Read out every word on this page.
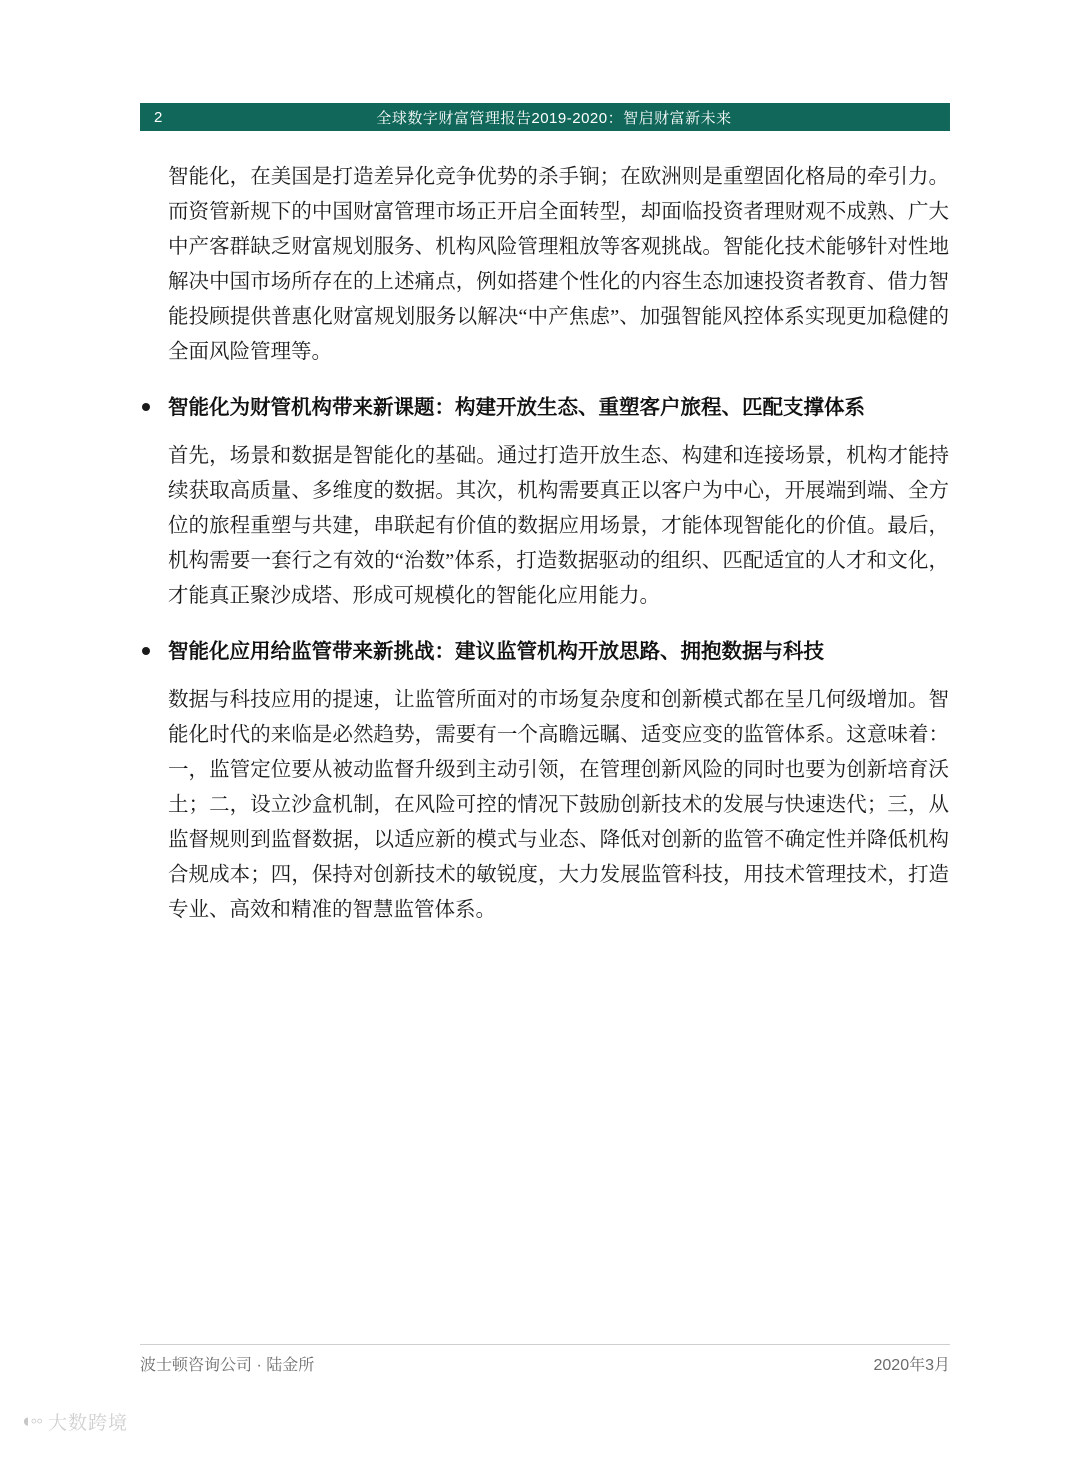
2	全球数字财富管理报告2019-2020：智启财富新未来

智能化，在美国是打造差异化竞争优势的杀手锏；在欧洲则是重塑固化格局的牵引力。而资管新规下的中国财富管理市场正开启全面转型，却面临投资者理财观不成熟、广大中产客群缺乏财富规划服务、机构风险管理粗放等客观挑战。智能化技术能够针对性地解决中国市场所存在的上述痛点，例如搭建个性化的内容生态加速投资者教育、借力智能投顾提供普惠化财富规划服务以解决“中产焦虑”、加强智能风控体系实现更加稳健的全面风险管理等。

智能化为财管机构带来新课题：构建开放生态、重塑客户旅程、匹配支撑体系

首先，场景和数据是智能化的基础。通过打造开放生态、构建和连接场景，机构才能持续获取高质量、多维度的数据。其次，机构需要真正以客户为中心，开展端到端、全方位的旅程重塑与共建，串联起有价值的数据应用场景，才能体现智能化的价值。最后，机构需要一套行之有效的“治数”体系，打造数据驱动的组织、匹配适宜的人才和文化，才能真正聚沙成塔、形成可规模化的智能化应用能力。

智能化应用给监管带来新挑战：建议监管机构开放思路、拥抱数据与科技

数据与科技应用的提速，让监管所面对的市场复杂度和创新模式都在呈几何级增加。智能化时代的来临是必然趋势，需要有一个高瞻远瞩、适变应变的监管体系。这意味着：一，监管定位要从被动监督升级到主动引领，在管理创新风险的同时也要为创新培育沃土；二，设立沙盒机制，在风险可控的情况下鼓励创新技术的发展与快速迭代；三，从监督规则到监督数据，以适应新的模式与业态、降低对创新的监管不确定性并降低机构合规成本；四，保持对创新技术的敏锐度，大力发展监管科技，用技术管理技术，打造专业、高效和精准的智慧监管体系。

波士顿咨询公司 · 陆金所	2020年3月
◖◦◦ 大数跨境
